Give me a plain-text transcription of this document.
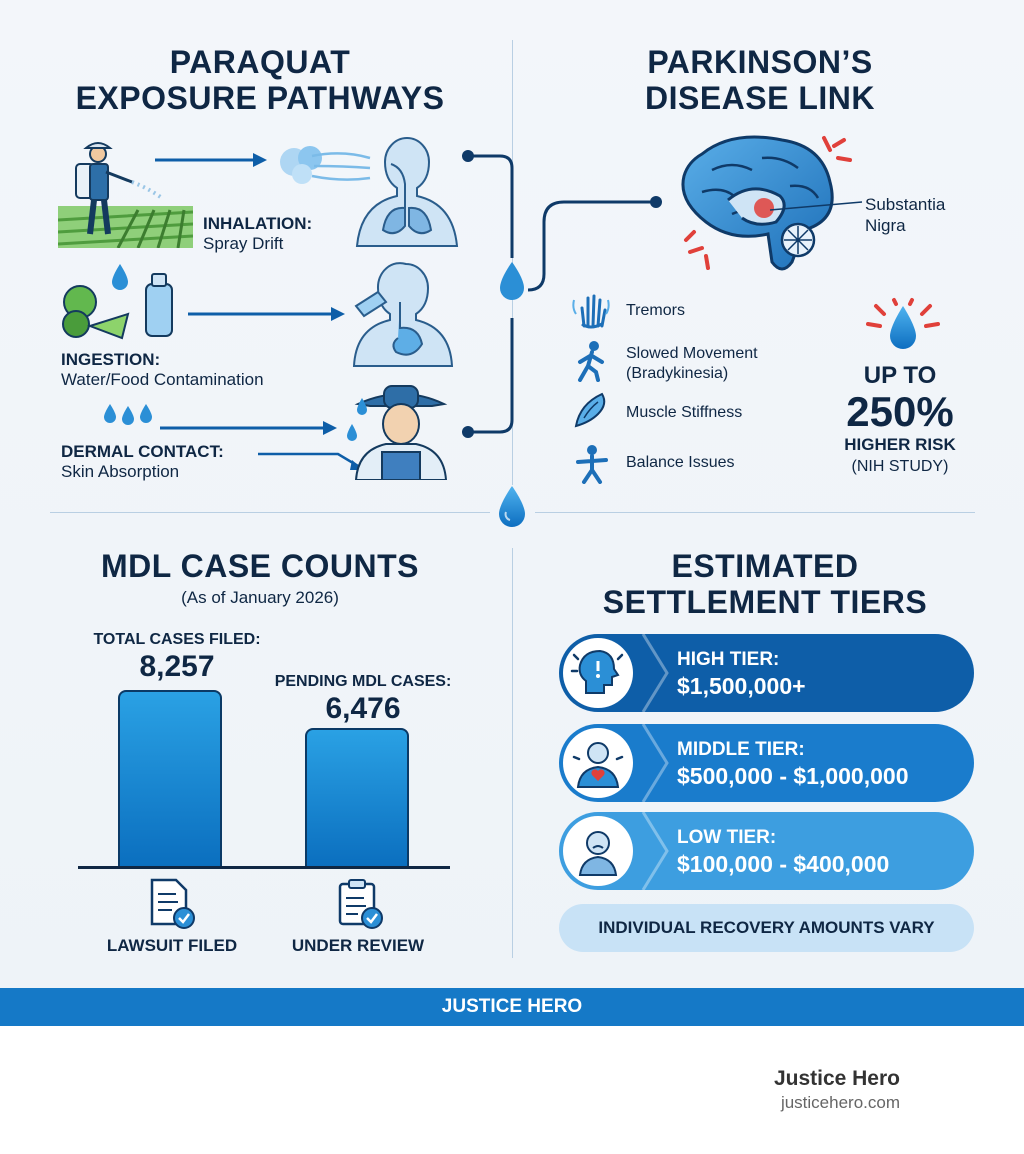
PARAQUAT
EXPOSURE PATHWAYS
INHALATION:
Spray Drift
INGESTION:
Water/Food Contamination
DERMAL CONTACT:
Skin Absorption
PARKINSON’S
DISEASE LINK
Substantia
Nigra
Tremors
Slowed Movement
(Bradykinesia)
Muscle Stiffness
Balance Issues
UP TO
250%
HIGHER RISK
(NIH STUDY)
MDL CASE COUNTS
(As of January 2026)
TOTAL CASES FILED:
8,257	PENDING MDL CASES:
6,476
LAWSUIT FILED	UNDER REVIEW
ESTIMATED
SETTLEMENT TIERS
HIGH TIER:
$1,500,000+
MIDDLE TIER:
$500,000 - $1,000,000
LOW TIER:
$100,000 - $400,000
INDIVIDUAL RECOVERY AMOUNTS VARY
JUSTICE HERO
Justice Hero
justicehero.com
